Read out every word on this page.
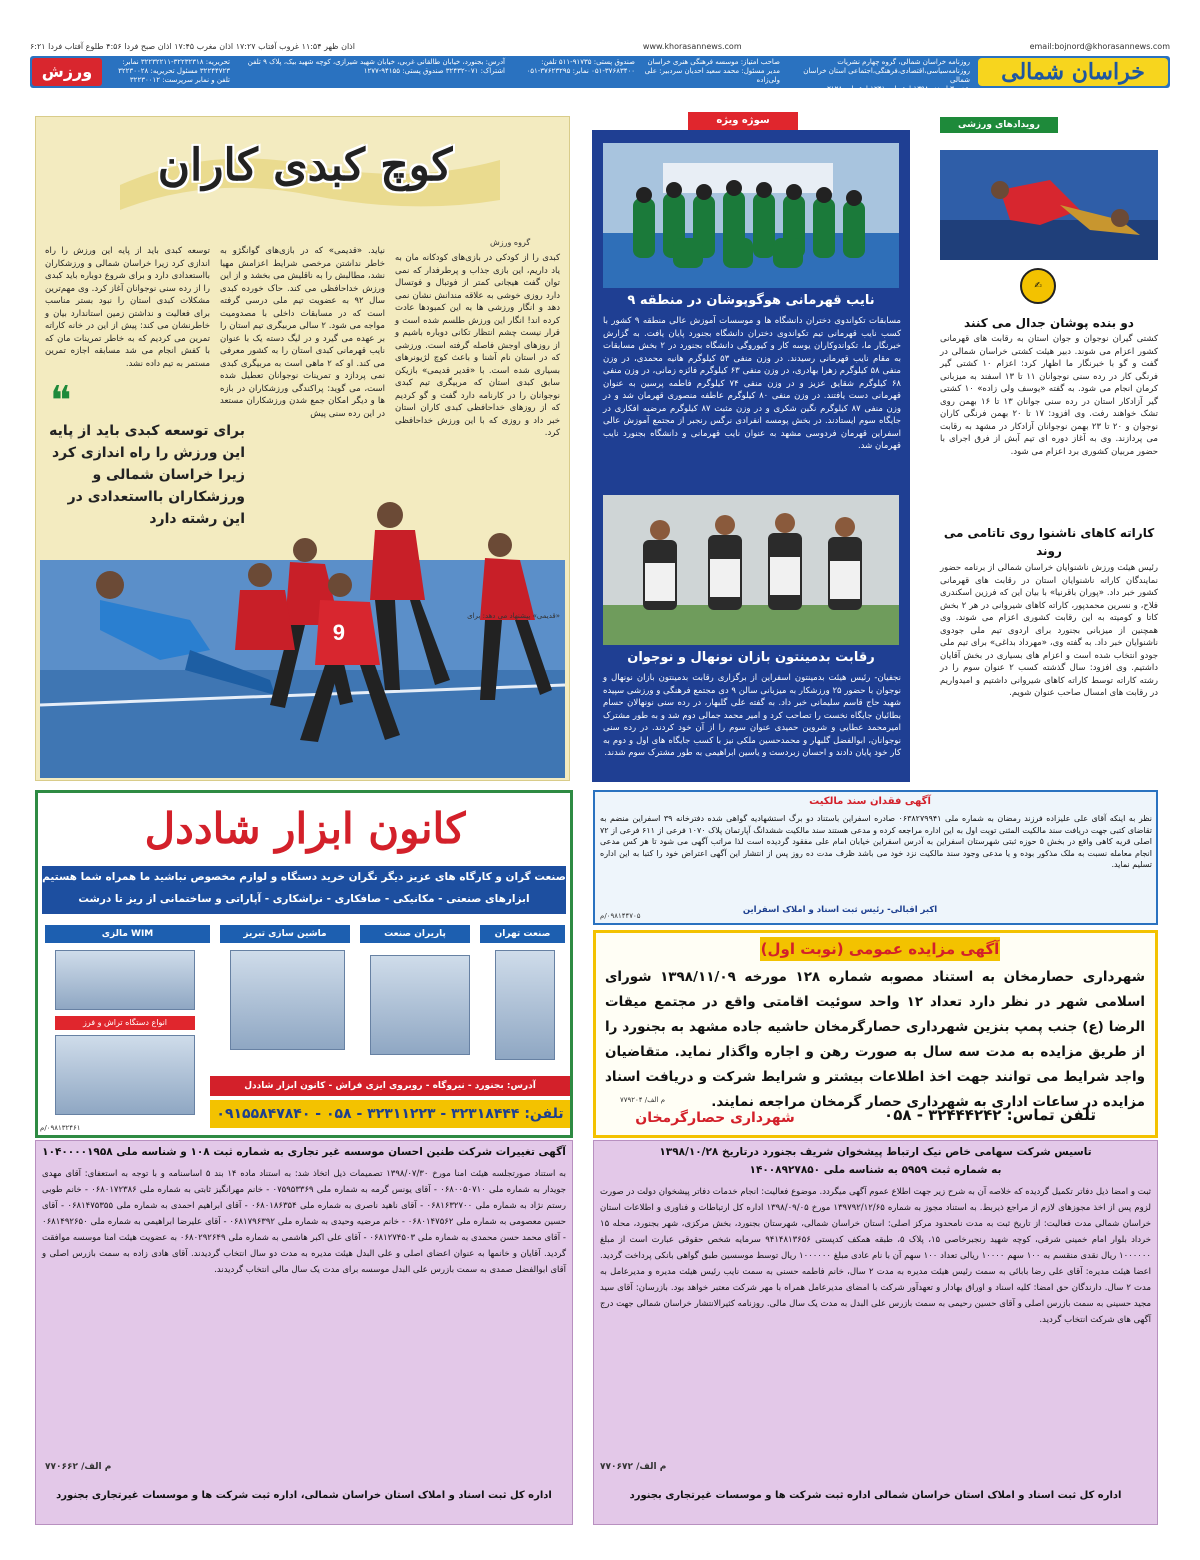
اذان ظهر ۱۱:۵۴ غروب آفتاب ۱۷:۲۷ اذان مغرب ۱۷:۴۵ اذان صبح فردا ۴:۵۶ طلوع آفتاب فردا ۶:۲۱	www.khorasannews.com	email:bojnord@khorasannews.com
خراسان شمالی
روزنامه خراسان شمالی، گروه چهارم نشریات روزنامه‌سیاسی،اقتصادی،فرهنگی،اجتماعی استان خراسان شمالی
شنبه ۳ اسفند ۱۳۹۸ | شماره ۱۲۴۱ | شماره ۲۱۲۸
۲۷ جمادی الثانی ۱۴۴۱
صاحب امتیاز: موسسه فرهنگی هنری خراسان مدیر مسئول: محمد سعید احدیان سردبیر: علی ولی‌زاده
صندوق پستی: ۹۱۷۳۵-۵۱۱ تلفن: ۳۷۶۸۳۴۰۰-۰۵۱ نمابر: ۳۷۶۲۳۲۹۵-۰۵۱
آدرس: بجنورد، خیابان طالقانی غربی، خیابان شهید شیرازی، کوچه شهید بیک، پلاک ۹ تلفن اشتراک: ۰۷۱-۳۲۴۳۲ صندوق پستی: ۹۴۱۵۵-۱۲۷۷
تحریریه: ۳۲۲۳۲۳۱۸-۳۲۲۳۲۲۱۱ نمابر: ۳۲۲۴۴۷۲۳ مسئول تحریریه: ۳۲۲۳۰۰۲۸ تلفن و نمابر سرپرست: ۳۲۲۳۰۰۱۲
ورزش
کوچ کبدی کاران
گروه ورزش
کبدی را از کودکی در بازی‌های کودکانه مان به یاد داریم، این بازی جذاب و پرطرفدار که نمی توان گفت هیجانی کمتر از فوتبال و فوتسال دارد روزی خوشی به علاقه مندانش نشان نمی دهد و انگار ورزشی ها به این کمبودها عادت کرده اند! انگار این ورزش طلسم شده است و قرار نیست چشم انتظار تکانی دوباره باشیم و از روزهای اوجش فاصله گرفته است. ورزشی که در استان نام آشنا و باعث کوچ لژیونرهای بسیاری شده است. با «قدیر قدیمی» بازیکن سابق کبدی استان که مربیگری تیم کبدی نوجوانان را در کارنامه دارد گفت و گو کردیم که از روزهای خداحافظی کبدی کاران استان خبر داد و روزی که با این ورزش خداحافظی کرد.
نیاید. «قدیمی» که در بازی‌های گوانگژو به خاطر نداشتن مرخصی شرایط اعزامش مهیا نشد، مطالبش را به ناقلیش می بخشد و از این ورزش خداحافظی می کند. حاک خورده کبدی سال ۹۲ به عضویت تیم ملی درسی گرفته است که در مسابقات داخلی با مصدومیت مواجه می شود. ۲ سالی مربیگری تیم استان را بر عهده می گیرد و در لیگ دسته یک با عنوان نایب قهرمانی کبدی استان را به کشور معرفی می کند. او که ۲ ماهی است به مربیگری کبدی نمی پردازد و تمرینات نوجوانان تعطیل شده است، می گوید: پراکندگی ورزشکاران در بازه ها و دیگر امکان جمع شدن ورزشکاران مستعد در این رده سنی پیش
توسعه کبدی باید از پایه این ورزش را راه اندازی کرد زیرا خراسان شمالی و ورزشکاران بااستعدادی دارد و برای شروع دوباره باید کبدی را از رده سنی نوجوانان آغاز کرد. وی مهم‌ترین مشکلات کبدی استان را نبود بستر مناسب برای فعالیت و نداشتن زمین استاندارد بیان و خاطرنشان می کند: پیش از این در خانه کاراته تمرین می کردیم که به خاطر تمرینات مان که با کفش انجام می شد مسابقه اجازه تمرین مستمر به تیم داده نشد.
❝
برای توسعه کبدی باید از پایه این ورزش را راه اندازی کرد زیرا خراسان شمالی و ورزشکاران بااستعدادی در این رشته دارد
9
«قدیمی» پیشنهاد می دهد: برای
سوژه ویژه
نایب قهرمانی هوگوپوشان در منطقه ۹
مسابقات تکواندوی دختران دانشگاه ها و موسسات آموزش عالی منطقه ۹ کشور با کسب نایب قهرمانی تیم تکواندوی دختران دانشگاه بجنورد پایان یافت. به گزارش خبرنگار ما، تکواندوکاران یوسه کار و کیوروگی دانشگاه بجنورد در ۲ بخش مسابقات به مقام نایب قهرمانی رسیدند. در وزن منفی ۵۳ کیلوگرم هانیه محمدی، در وزن منفی ۵۸ کیلوگرم زهرا بهادری، در وزن منفی ۶۳ کیلوگرم فائزه زمانی، در وزن منفی ۶۸ کیلوگرم شقایق عزیز و در وزن منفی ۷۴ کیلوگرم فاطمه پرسین به عنوان قهرمانی دست یافتند. در وزن منفی ۸۰ کیلوگرم عاطفه منصوری قهرمان شد و در وزن منفی ۸۷ کیلوگرم نگین شکری و در وزن مثبت ۸۷ کیلوگرم مرضیه افکاری در جایگاه سوم ایستادند. در بخش پومسه انفرادی نرگس رنجبر از مجتمع آموزش عالی اسفراین قهرمان فردوسی مشهد به عنوان نایب قهرمانی و دانشگاه بجنورد نایب قهرمان شد.
رقابت بدمینتون بازان نونهال و نوجوان
نجفیان- رئیس هیئت بدمینتون اسفراین از برگزاری رقابت بدمینتون بازان نونهال و نوجوان با حضور ۲۵ ورزشکار به میزبانی سالن ۹ دی مجتمع فرهنگی و ورزشی سپیده شهید حاج قاسم سلیمانی خبر داد. به گفته علی گلبهار، در رده سنی نونهالان حسام بطائیان جایگاه نخست را تصاحب کرد و امیر محمد جمالی دوم شد و به طور مشترک امیرمحمد عطایی و شروین حمیدی عنوان سوم را از آن خود کردند. در رده سنی نوجوانان، ابوالفضل گلبهار و محمدحسین ملکی نیز با کسب جایگاه های اول و دوم به کار خود پایان دادند و احسان زبردست و یاسین ابراهیمی به طور مشترک سوم شدند.
رویدادهای ورزشی
✍
دو بنده پوشان جدال می کنند
کشتی گیران نوجوان و جوان استان به رقابت های قهرمانی کشور اعزام می شوند. دبیر هیئت کشتی خراسان شمالی در گفت و گو با خبرنگار ما اظهار کرد: اعزام ۱۰ کشتی گیر فرنگی کار در رده سنی نوجوانان ۱۱ تا ۱۳ اسفند به میزبانی کرمان انجام می شود. به گفته «یوسف ولی زاده» ۱۰ کشتی گیر آزادکار استان در رده سنی جوانان ۱۳ تا ۱۶ بهمن روی تشک خواهند رفت. وی افزود: ۱۷ تا ۲۰ بهمن فرنگی کاران نوجوان و ۲۰ تا ۲۳ بهمن نوجوانان آزادکار در مشهد به رقابت می پردازند. وی به آغاز دوره ای تیم آبش از فرق اجرای با حضور مربیان کشوری برد اعزام می شود.
کاراته کاهای ناشنوا روی تاتامی می روند
رئیس هیئت ورزش ناشنوایان خراسان شمالی از برنامه حضور نمایندگان کاراته ناشنوایان استان در رقابت های قهرمانی کشور خبر داد. «پوران باقرنیا» با بیان این که فرزین اسکندری فلاح، و نسرین محمدپور، کاراته کاهای شیروانی در هر ۲ بخش کاتا و کومیته به این رقابت کشوری اعزام می شوند. وی همچنین از میزبانی بجنورد برای اردوی تیم ملی جودوی ناشنوایان خبر داد. به گفته وی، «مهرداد بداغی» برای تیم ملی جودو انتخاب شده است و اعزام های بسیاری در بخش آقایان داشتیم. وی افزود: سال گذشته کسب ۲ عنوان سوم را در رشته کاراته توسط کاراته کاهای شیروانی داشتیم و امیدواریم در رقابت های امسال صاحب عنوان شویم.
کانون ابزار شاددل
صنعت گران و کارگاه های عزیز دیگر نگران خرید دستگاه و لوازم مخصوص نباشید ما همراه شما هستیم
ابزارهای صنعتی - مکانیکی - صافکاری - نراشکاری - آپاراتی و ساختمانی از ریز تا درشت
صنعت تهران
پاریران صنعت
ماشین سازی تبریز
WIM مالزی
انواع دستگاه تراش و فرز
آدرس: بجنورد - نیروگاه - روبروی ایزی فراش - کانون ابزار شاددل
تلفن: ۳۲۳۱۸۴۴۴ - ۳۲۳۱۱۲۲۳ - ۰۵۸ - ۰۹۱۵۵۸۴۷۸۴۰
۰۹۸۱۳۲۴۶۱/م
آگهی فقدان سند مالکیت
نظر به اینکه آقای علی علیزاده فرزند رمضان به شماره ملی ۰۶۳۸۲۷۹۹۴۱ صادره اسفراین باستناد دو برگ استشهادیه گواهی شده دفترخانه ۳۹ اسفراین منضم به تقاضای کتبی جهت دریافت سند مالکیت المثنی تویت اول به این اداره مراجعه کرده و مدعی هستند سند مالکیت ششدانگ آپارتمان پلاک ۱۰۷۰ فرعی از ۶۱۱ فرعی از ۷۲ اصلی قریه کاهی واقع در بخش ۵ حوزه ثبتی شهرستان اسفراین به آدرس اسفراین خیابان امام علی مفقود گردیده است لذا مراتب آگهی می شود تا هر کس مدعی انجام معامله نسبت به ملک مذکور بوده و یا مدعی وجود سند مالکیت نزد خود می باشد ظرف مدت ده روز پس از انتشار این آگهی اعتراض خود را کتبا به این اداره تسلیم نماید.
اکبر اقبالی- رئیس ثبت اسناد و املاک اسفراین
۰۹۸۱۴۴۷۰۵/م
آگهی مزایده عمومی (نوبت اول)
شهرداری حصارمخان به استناد مصوبه شماره ۱۲۸ مورخه ۱۳۹۸/۱۱/۰۹ شورای اسلامی شهر در نظر دارد تعداد ۱۲ واحد سوئیت اقامتی واقع در مجتمع میقات الرضا (ع) جنب پمپ بنزین شهرداری حصارگرمخان حاشیه جاده مشهد به بجنورد را از طریق مزایده به مدت سه سال به صورت رهن و اجاره واگذار نماید. متقاضیان واجد شرایط می توانند جهت اخذ اطلاعات بیشتر و شرایط شرکت و دریافت اسناد مزایده در ساعات اداری به شهرداری حصار گرمخان مراجعه نمایند.
تلفن تماس: ۳۲۴۴۴۲۴۲ - ۰۵۸
شهرداری حصارگرمخان
م الف/ ۷۷۹۲۰۴
آگهی تغییرات شرکت طنین احسان موسسه غیر تجاری به شماره ثبت ۱۰۸ و شناسه ملی ۱۰۴۰۰۰۰۱۹۵۸
به استناد صورتجلسه هیئت امنا مورخ ۱۳۹۸/۰۷/۳۰ تصمیمات ذیل اتخاذ شد: به استناد ماده ۱۴ بند ۵ اساسنامه و با توجه به استعفای: آقای مهدی جویدار به شماره ملی ۰۶۸۰۰۵۰۷۱۰ - آقای یونس گرمه به شماره ملی ۰۷۵۹۵۳۳۶۹ - خانم مهرانگیز ثابتی به شماره ملی ۰۶۸۰۱۷۲۳۸۶ - خانم طوبی رستم نژاد به شماره ملی ۰۶۸۱۶۳۲۷۰۰ - آقای ناهید ناصری به شماره ملی ۰۶۸۰۱۸۶۳۵۴ - آقای ابراهیم احمدی به شماره ملی ۰۶۸۱۴۷۵۳۵۵ - آقای حسین معصومی به شماره ملی ۰۶۸۰۱۴۷۵۶۲ - خانم مرضیه وحیدی به شماره ملی ۰۶۸۱۷۹۶۳۹۲ - آقای علیرضا ابراهیمی به شماره ملی ۰۶۸۱۴۹۲۶۵۰ - آقای محمد حسن محمدی به شماره ملی ۰۶۸۱۲۷۴۵۰۳ - آقای علی اکبر هاشمی به شماره ملی ۰۶۸۰۲۹۲۶۴۹ به عضویت هیئت امنا موسسه موافقت گردید. آقایان و خانمها به عنوان اعضای اصلی و علی البدل هیئت مدیره به مدت دو سال انتخاب گردیدند. آقای هادی زاده به سمت بازرس اصلی و آقای ابوالفضل صمدی به سمت بازرس علی البدل موسسه برای مدت یک سال مالی انتخاب گردیدند.
م الف/ ۷۷۰۶۶۲
اداره کل ثبت اسناد و املاک استان خراسان شمالی، اداره ثبت شرکت ها و موسسات غیرتجاری بجنورد
تاسیس شرکت سهامی خاص نیک ارتباط پیشخوان شریف بجنورد درتاریخ ۱۳۹۸/۱۰/۲۸
به شماره ثبت ۵۹۵۹ به شناسه ملی ۱۴۰۰۸۹۲۷۸۵۰
ثبت و امضا ذیل دفاتر تکمیل گردیده که خلاصه آن به شرح زیر جهت اطلاع عموم آگهی میگردد. موضوع فعالیت: انجام خدمات دفاتر پیشخوان دولت در صورت لزوم پس از اخذ مجوزهای لازم از مراجع ذیربط. به استناد مجوز به شماره ۱۳۹۷۹۲/۱۲/۶۵ مورخ ۱۳۹۸/۰۹/۰۵ اداره کل ارتباطات و فناوری و اطلاعات استان خراسان شمالی مدت فعالیت: از تاریخ ثبت به مدت نامحدود مرکز اصلی: استان خراسان شمالی، شهرستان بجنورد، بخش مرکزی، شهر بجنورد، محله ۱۵ خرداد بلوار امام خمینی شرقی، کوچه شهید رنجبرخاصی ۱۵، پلاک ۵، طبقه همکف کدپستی ۹۴۱۴۸۱۳۶۵۶ سرمایه شخص حقوقی عبارت است از مبلغ ۱۰۰۰۰۰۰ ریال نقدی منقسم به ۱۰۰ سهم ۱۰۰۰۰ ریالی تعداد ۱۰۰ سهم آن با نام عادی مبلغ ۱۰۰۰۰۰۰ ریال توسط موسسین طبق گواهی بانکی پرداخت گردید. اعضا هیئت مدیره: آقای علی رضا بابائی به سمت رئیس هیئت مدیره به مدت ۲ سال، خانم فاطمه حسنی به سمت نایب رئیس هیئت مدیره و مدیرعامل به مدت ۲ سال. دارندگان حق امضا: کلیه اسناد و اوراق بهادار و تعهدآور شرکت با امضای مدیرعامل همراه با مهر شرکت معتبر خواهد بود. بازرسان: آقای سید مجید حسینی به سمت بازرس اصلی و آقای حسین رحیمی به سمت بازرس علی البدل به مدت یک سال مالی. روزنامه کثیرالانتشار خراسان شمالی جهت درج آگهی های شرکت انتخاب گردید.
م الف/ ۷۷۰۶۷۲
اداره کل ثبت اسناد و املاک استان خراسان شمالی اداره ثبت شرکت ها و موسسات غیرتجاری بجنورد
